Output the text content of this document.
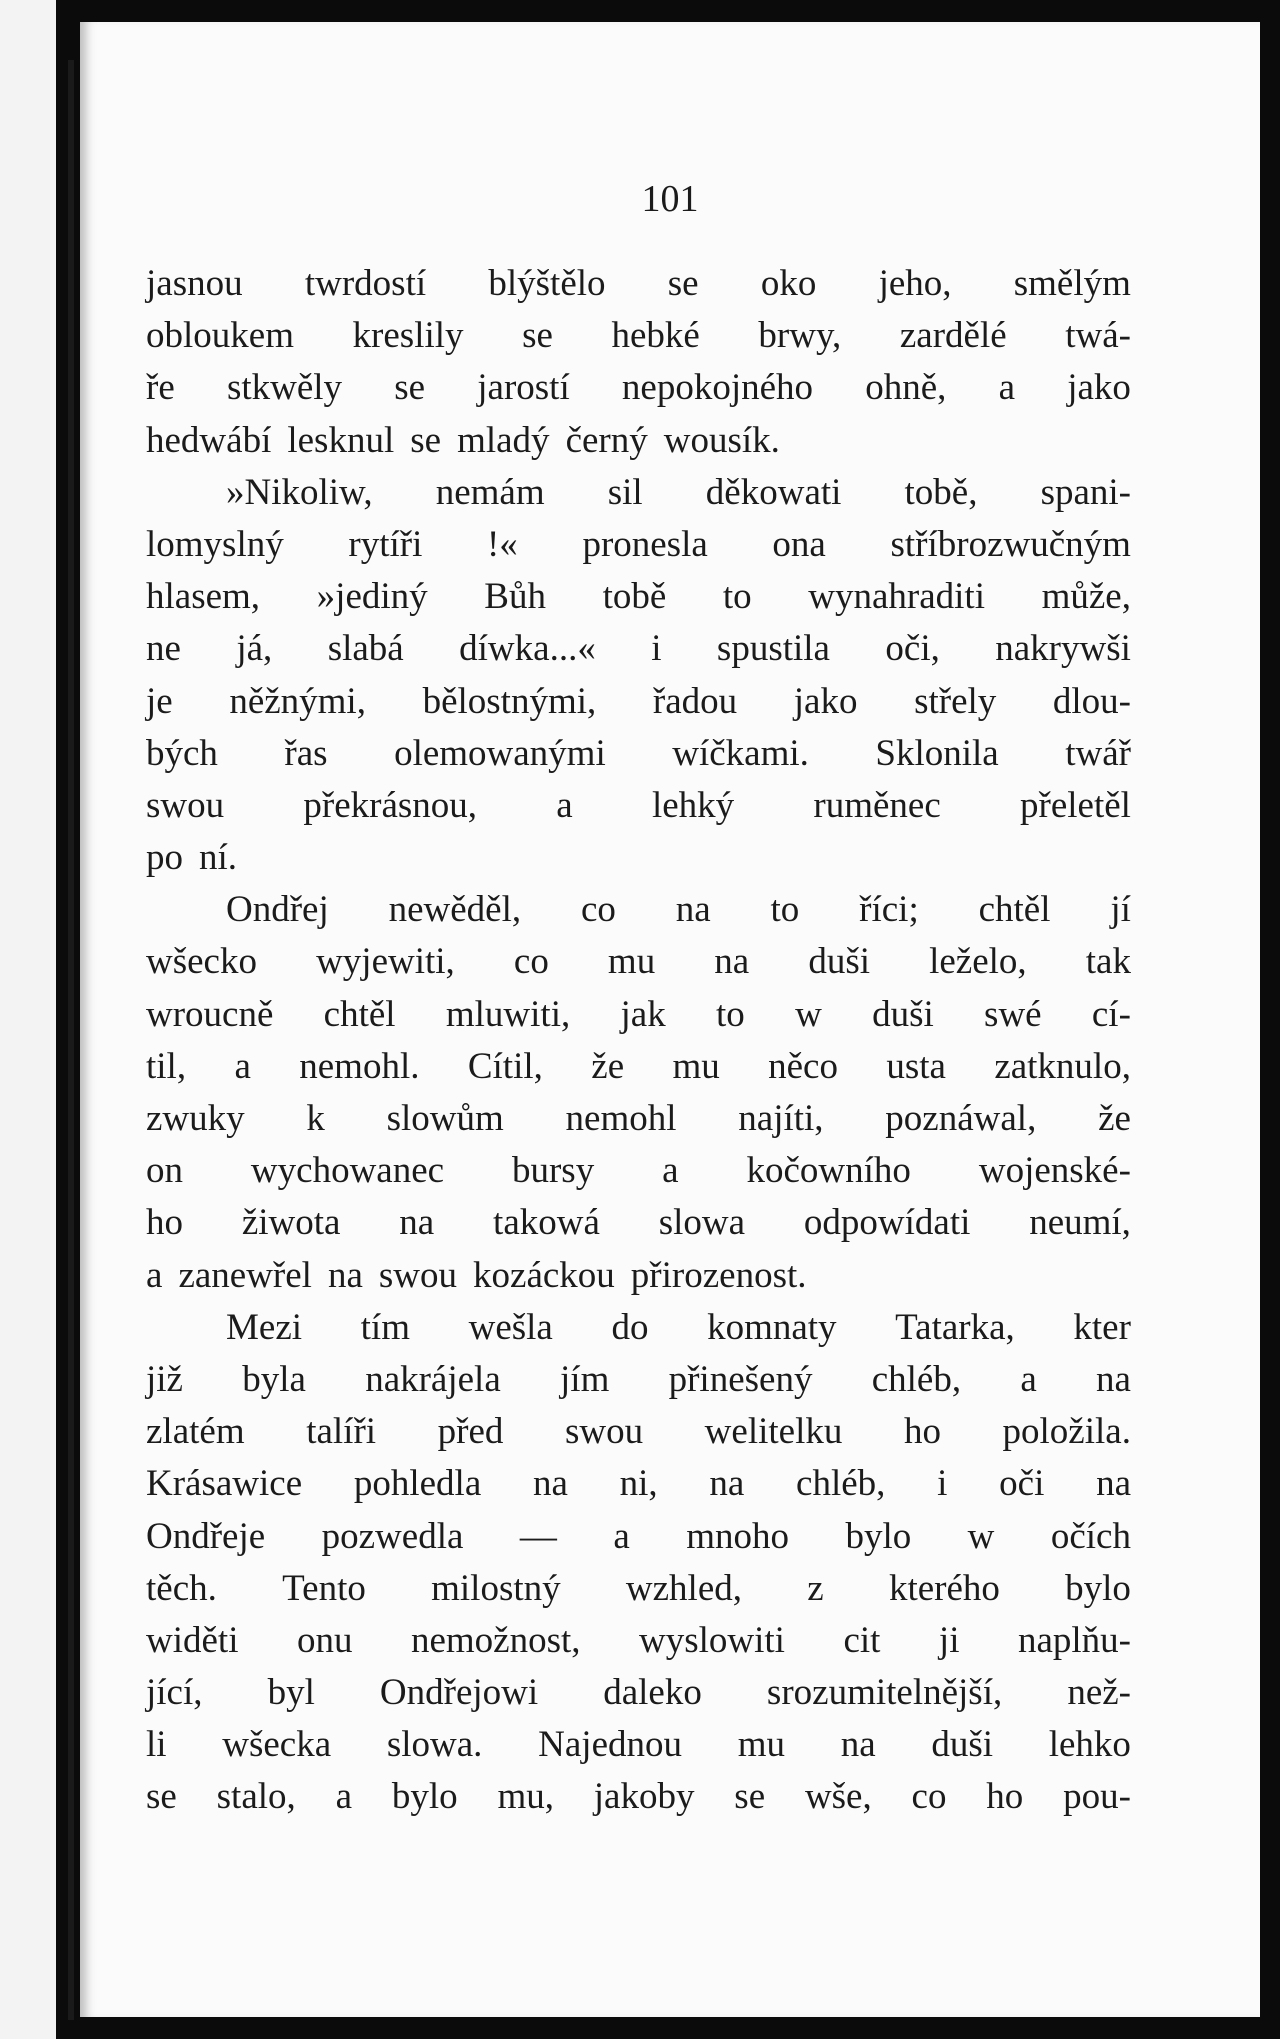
101

jasnou twrdostí blýštělo se oko jeho, smělým
obloukem kreslily se hebké brwy, zardělé twá-
ře stkwěly se jarostí nepokojného ohně, a jako
hedwábí lesknul se mladý černý wousík.
»Nikoliw, nemám sil děkowati tobě, spani-
lomyslný rytíři !« pronesla ona stříbrozwučným
hlasem, »jediný Bůh tobě to wynahraditi může,
ne já, slabá díwka...« i spustila oči, nakrywši
je něžnými, bělostnými, řadou jako střely dlou-
bých řas olemowanými wíčkami. Sklonila twář
swou překrásnou, a lehký ruměnec přeletěl
po ní.
Ondřej newěděl, co na to říci; chtěl jí
wšecko wyjewiti, co mu na duši leželo, tak
wroucně chtěl mluwiti, jak to w duši swé cí-
til, a nemohl. Cítil, že mu něco usta zatknulo,
zwuky k slowům nemohl najíti, poznáwal, že
on wychowanec bursy a kočowního wojenské-
ho žiwota na takowá slowa odpowídati neumí,
a zanewřel na swou kozáckou přirozenost.
Mezi tím wešla do komnaty Tatarka, kter
již byla nakrájela jím přinešený chléb, a na
zlatém talíři před swou welitelku ho položila.
Krásawice pohledla na ni, na chléb, i oči na
Ondřeje pozwedla — a mnoho bylo w očích
těch. Tento milostný wzhled, z kterého bylo
widěti onu nemožnost, wyslowiti cit ji naplňu-
jící, byl Ondřejowi daleko srozumitelnější, než-
li wšecka slowa. Najednou mu na duši lehko
se stalo, a bylo mu, jakoby se wše, co ho pou-
